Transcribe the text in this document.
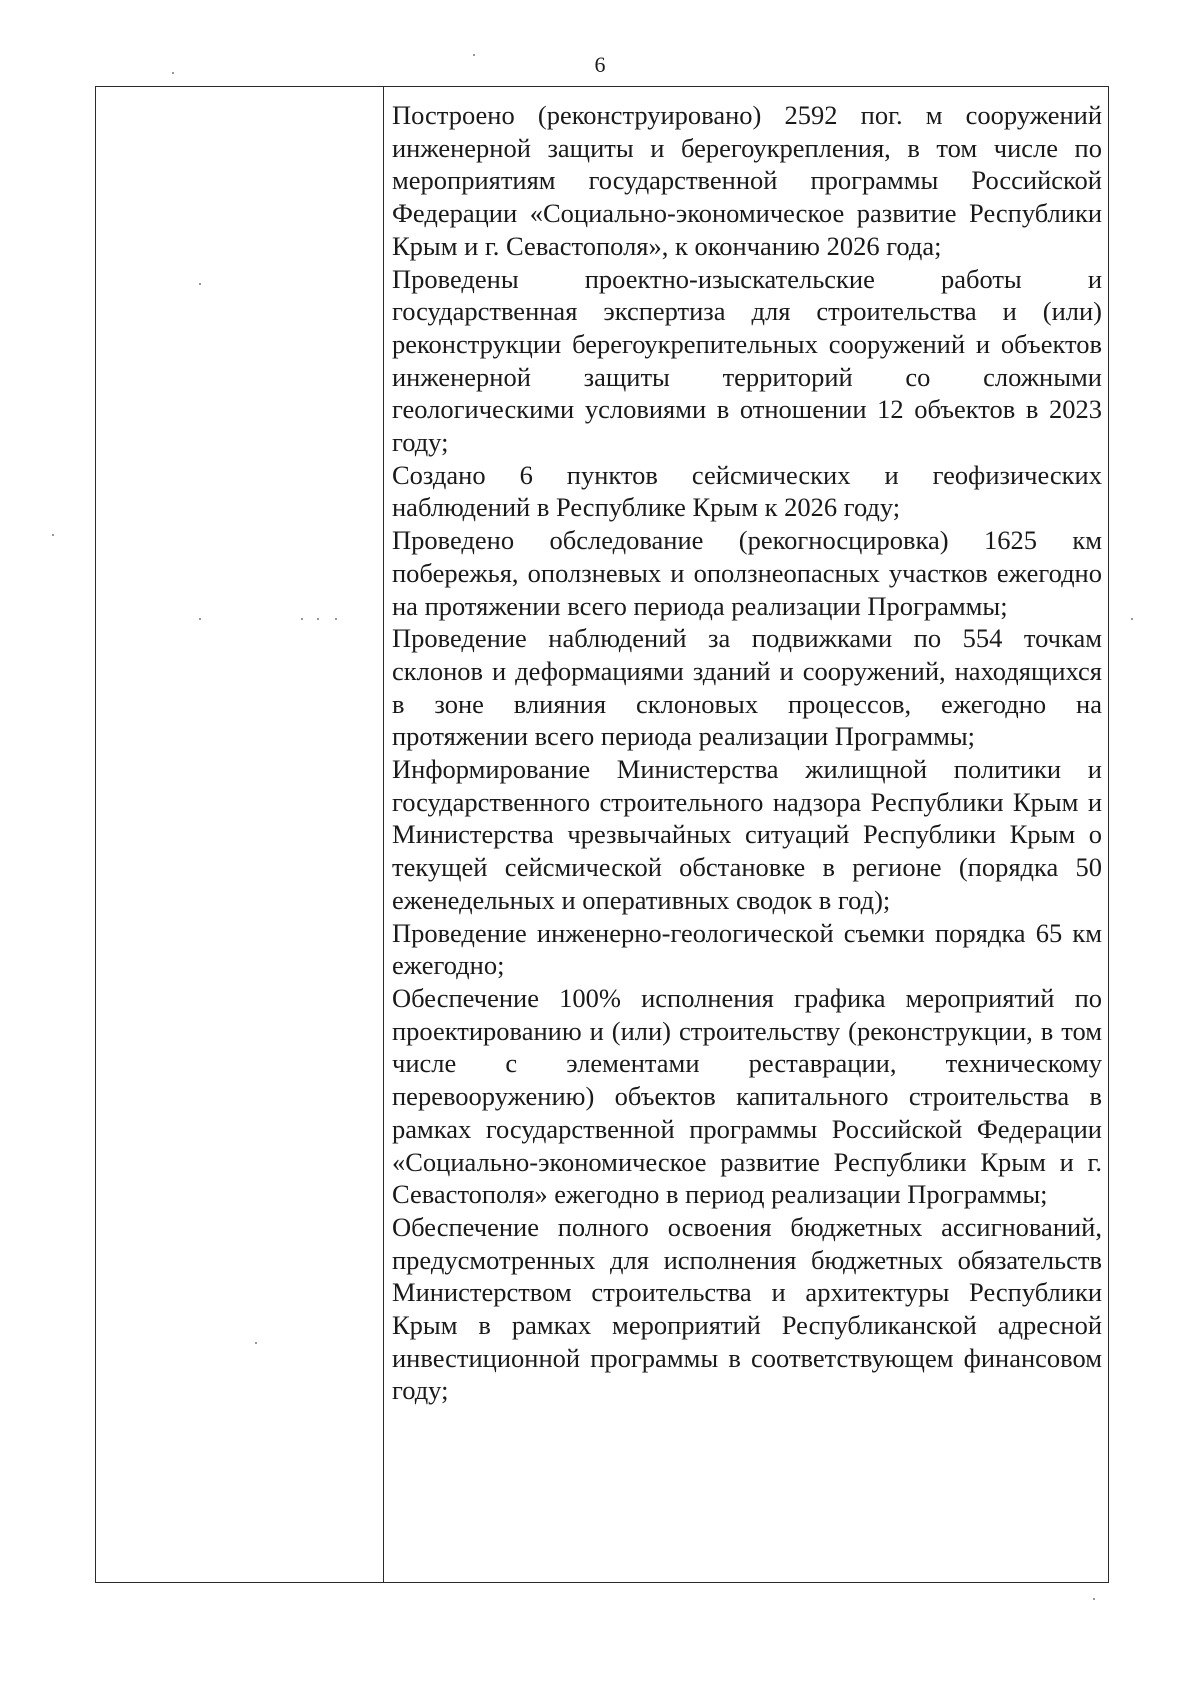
6

Построено (реконструировано) 2592 пог. м сооружений инженерной защиты и берегоукрепления, в том числе по мероприятиям государственной программы Российской Федерации «Социально-экономическое развитие Республики Крым и г. Севастополя», к окончанию 2026 года;

Проведены проектно-изыскательские работы и государственная экспертиза для строительства и (или) реконструкции берегоукрепительных сооружений и объектов инженерной защиты территорий со сложными геологическими условиями в отношении 12 объектов в 2023 году;

Создано 6 пунктов сейсмических и геофизических наблюдений в Республике Крым к 2026 году;

Проведено обследование (рекогносцировка) 1625 км побережья, оползневых и оползнеопасных участков ежегодно на протяжении всего периода реализации Программы;

Проведение наблюдений за подвижками по 554 точкам склонов и деформациями зданий и сооружений, находящихся в зоне влияния склоновых процессов, ежегодно на протяжении всего периода реализации Программы;

Информирование Министерства жилищной политики и государственного строительного надзора Республики Крым и Министерства чрезвычайных ситуаций Республики Крым о текущей сейсмической обстановке в регионе (порядка 50 еженедельных и оперативных сводок в год);

Проведение инженерно-геологической съемки порядка 65 км ежегодно;

Обеспечение 100% исполнения графика мероприятий по проектированию и (или) строительству (реконструкции, в том числе с элементами реставрации, техническому перевооружению) объектов капитального строительства в рамках государственной программы Российской Федерации «Социально-экономическое развитие Республики Крым и г. Севастополя» ежегодно в период реализации Программы;

Обеспечение полного освоения бюджетных ассигнований, предусмотренных для исполнения бюджетных обязательств Министерством строительства и архитектуры Республики Крым в рамках мероприятий Республиканской адресной инвестиционной программы в соответствующем финансовом году;
